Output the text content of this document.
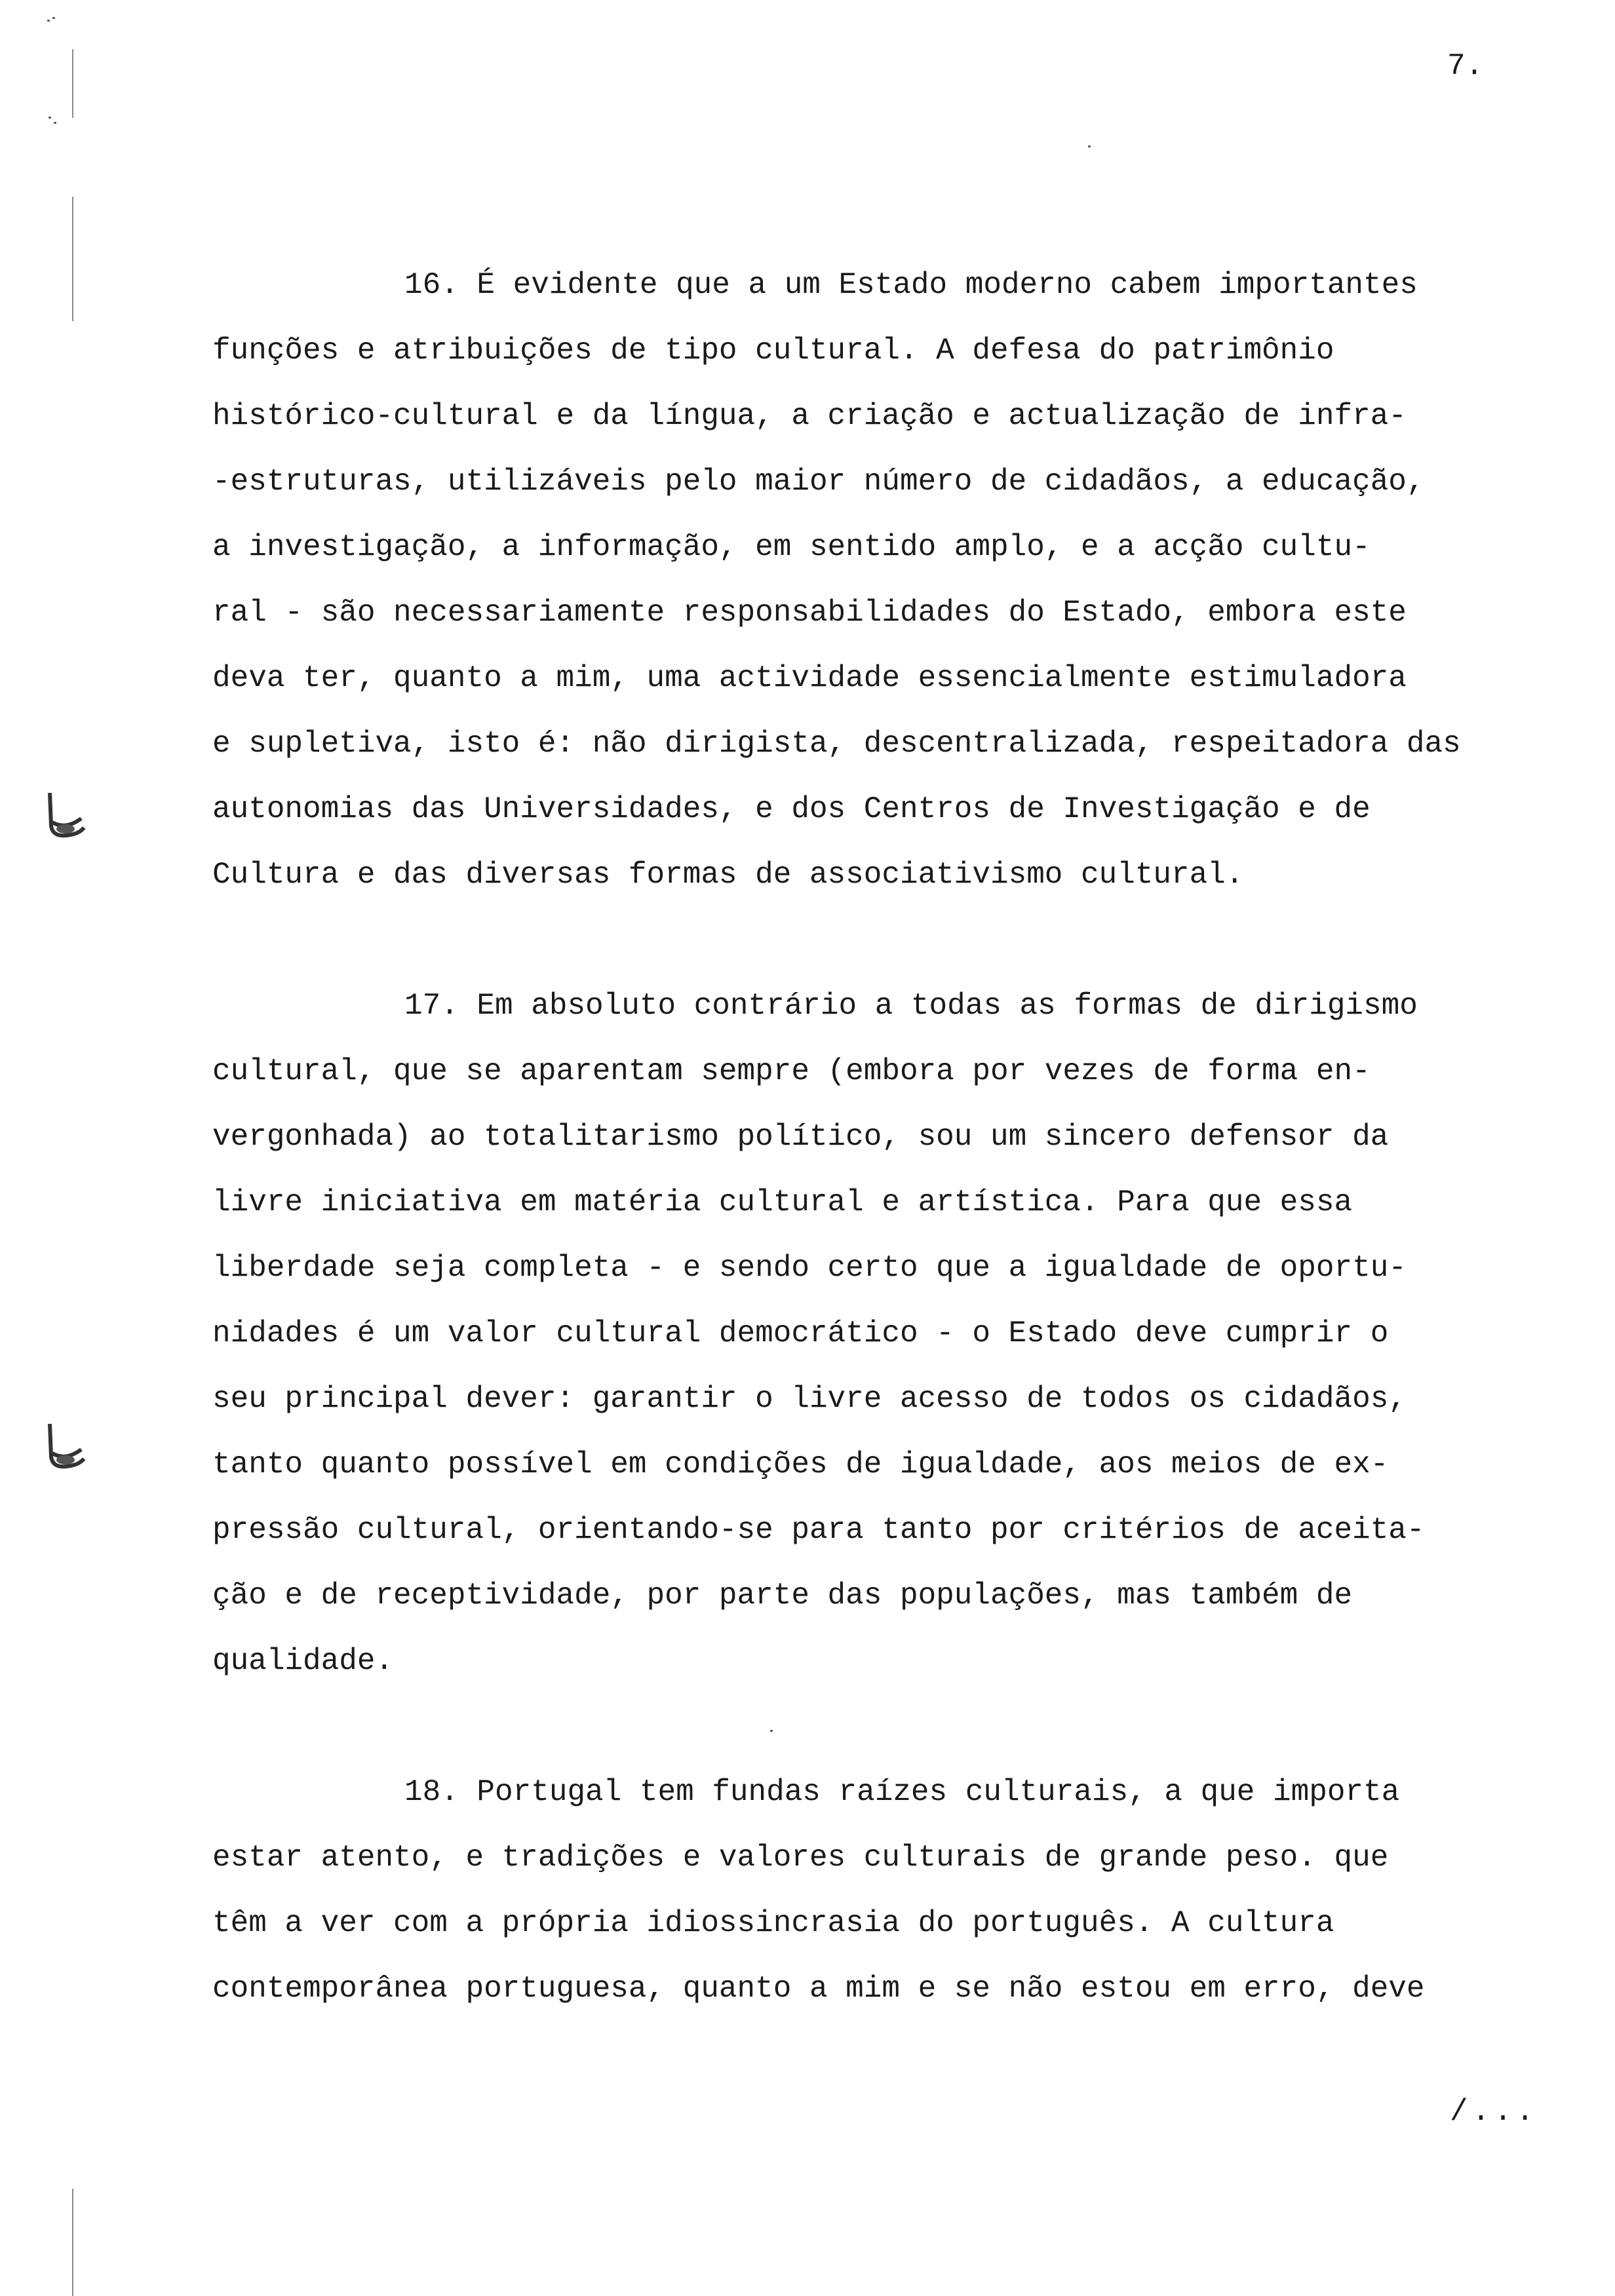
7.
16. É evidente que a um Estado moderno cabem importantes
funções e atribuições de tipo cultural. A defesa do patrimônio
histórico-cultural e da língua, a criação e actualização de infra-
-estruturas, utilizáveis pelo maior número de cidadãos, a educação,
a investigação, a informação, em sentido amplo, e a acção cultu-
ral - são necessariamente responsabilidades do Estado, embora este
deva ter, quanto a mim, uma actividade essencialmente estimuladora
e supletiva, isto é: não dirigista, descentralizada, respeitadora das
autonomias das Universidades, e dos Centros de Investigação e de
Cultura e das diversas formas de associativismo cultural.
17. Em absoluto contrário a todas as formas de dirigismo
cultural, que se aparentam sempre (embora por vezes de forma en-
vergonhada) ao totalitarismo político, sou um sincero defensor da
livre iniciativa em matéria cultural e artística. Para que essa
liberdade seja completa - e sendo certo que a igualdade de oportu-
nidades é um valor cultural democrático - o Estado deve cumprir o
seu principal dever: garantir o livre acesso de todos os cidadãos,
tanto quanto possível em condições de igualdade, aos meios de ex-
pressão cultural, orientando-se para tanto por critérios de aceita-
ção e de receptividade, por parte das populações, mas também de
qualidade.
18. Portugal tem fundas raízes culturais, a que importa
estar atento, e tradições e valores culturais de grande peso. que
têm a ver com a própria idiossincrasia do português. A cultura
contemporânea portuguesa, quanto a mim e se não estou em erro, deve
/...
